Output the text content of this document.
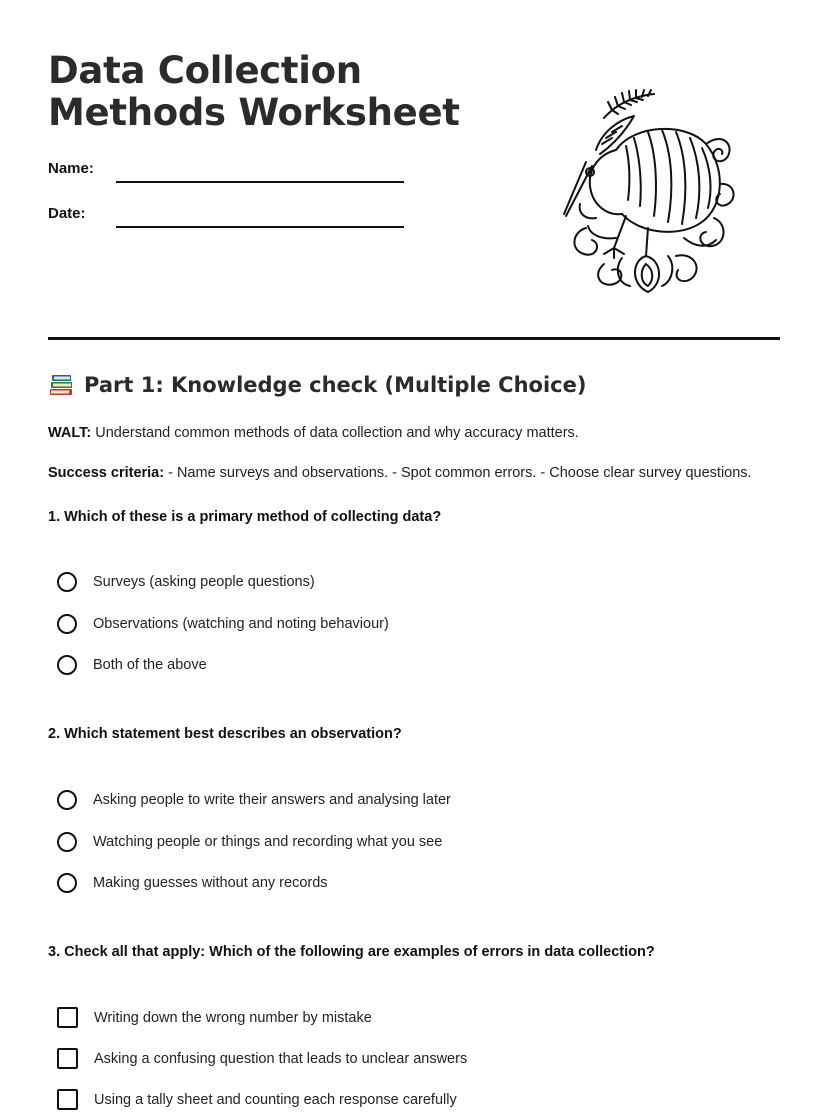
Data Collection
Methods Worksheet
Name:
Date:
Part 1: Knowledge check (Multiple Choice)

WALT: Understand common methods of data collection and why accuracy matters.

Success criteria: - Name surveys and observations. - Spot common errors. - Choose clear survey questions.

1. Which of these is a primary method of collecting data?

Surveys (asking people questions)
Observations (watching and noting behaviour)
Both of the above

2. Which statement best describes an observation?

Asking people to write their answers and analysing later
Watching people or things and recording what you see
Making guesses without any records

3. Check all that apply: Which of the following are examples of errors in data collection?

Writing down the wrong number by mistake
Asking a confusing question that leads to unclear answers
Using a tally sheet and counting each response carefully
